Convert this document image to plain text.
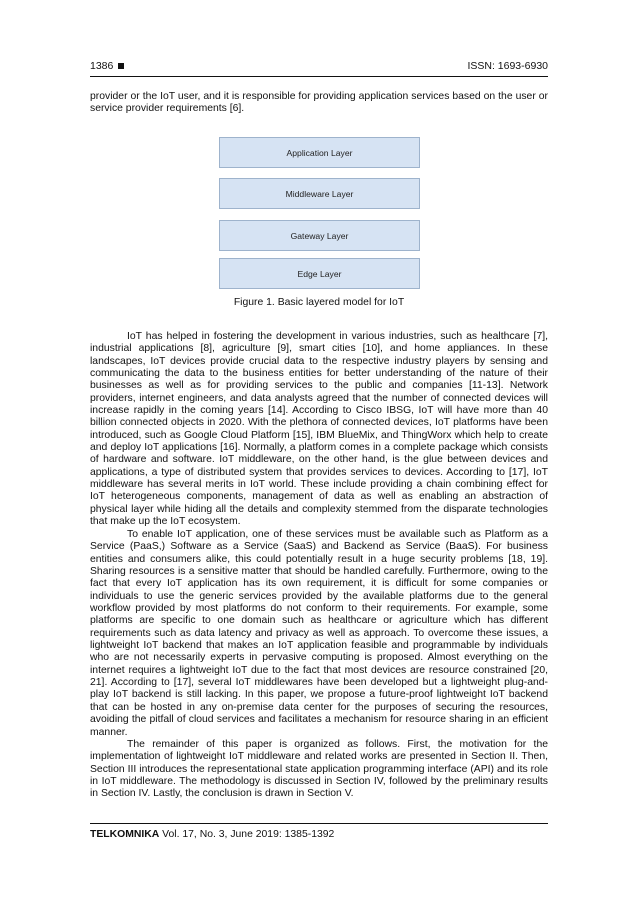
1386	ISSN: 1693-6930

provider or the IoT user, and it is responsible for providing application services based on the user or service provider requirements [6].

Application Layer
Middleware Layer
Gateway Layer
Edge Layer
Figure 1. Basic layered model for IoT

IoT has helped in fostering the development in various industries, such as healthcare [7], industrial applications [8], agriculture [9], smart cities [10], and home appliances. In these landscapes, IoT devices provide crucial data to the respective industry players by sensing and communicating the data to the business entities for better understanding of the nature of their businesses as well as for providing services to the public and companies [11-13]. Network providers, internet engineers, and data analysts agreed that the number of connected devices will increase rapidly in the coming years [14]. According to Cisco IBSG, IoT will have more than 40 billion connected objects in 2020. With the plethora of connected devices, IoT platforms have been introduced, such as Google Cloud Platform [15], IBM BlueMix, and ThingWorx which help to create and deploy IoT applications [16]. Normally, a platform comes in a complete package which consists of hardware and software. IoT middleware, on the other hand, is the glue between devices and applications, a type of distributed system that provides services to devices. According to [17], IoT middleware has several merits in IoT world. These include providing a chain combining effect for IoT heterogeneous components, management of data as well as enabling an abstraction of physical layer while hiding all the details and complexity stemmed from the disparate technologies that make up the IoT ecosystem.

To enable IoT application, one of these services must be available such as Platform as a Service (PaaS,) Software as a Service (SaaS) and Backend as Service (BaaS). For business entities and consumers alike, this could potentially result in a huge security problems [18, 19]. Sharing resources is a sensitive matter that should be handled carefully. Furthermore, owing to the fact that every IoT application has its own requirement, it is difficult for some companies or individuals to use the generic services provided by the available platforms due to the general workflow provided by most platforms do not conform to their requirements. For example, some platforms are specific to one domain such as healthcare or agriculture which has different requirements such as data latency and privacy as well as approach. To overcome these issues, a lightweight IoT backend that makes an IoT application feasible and programmable by individuals who are not necessarily experts in pervasive computing is proposed. Almost everything on the internet requires a lightweight IoT due to the fact that most devices are resource constrained [20, 21]. According to [17], several IoT middlewares have been developed but a lightweight plug-and-play IoT backend is still lacking. In this paper, we propose a future-proof lightweight IoT backend that can be hosted in any on-premise data center for the purposes of securing the resources, avoiding the pitfall of cloud services and facilitates a mechanism for resource sharing in an efficient manner.

The remainder of this paper is organized as follows. First, the motivation for the implementation of lightweight IoT middleware and related works are presented in Section II. Then, Section III introduces the representational state application programming interface (API) and its role in IoT middleware. The methodology is discussed in Section IV, followed by the preliminary results in Section IV. Lastly, the conclusion is drawn in Section V.

TELKOMNIKA Vol. 17, No. 3, June 2019: 1385-1392
